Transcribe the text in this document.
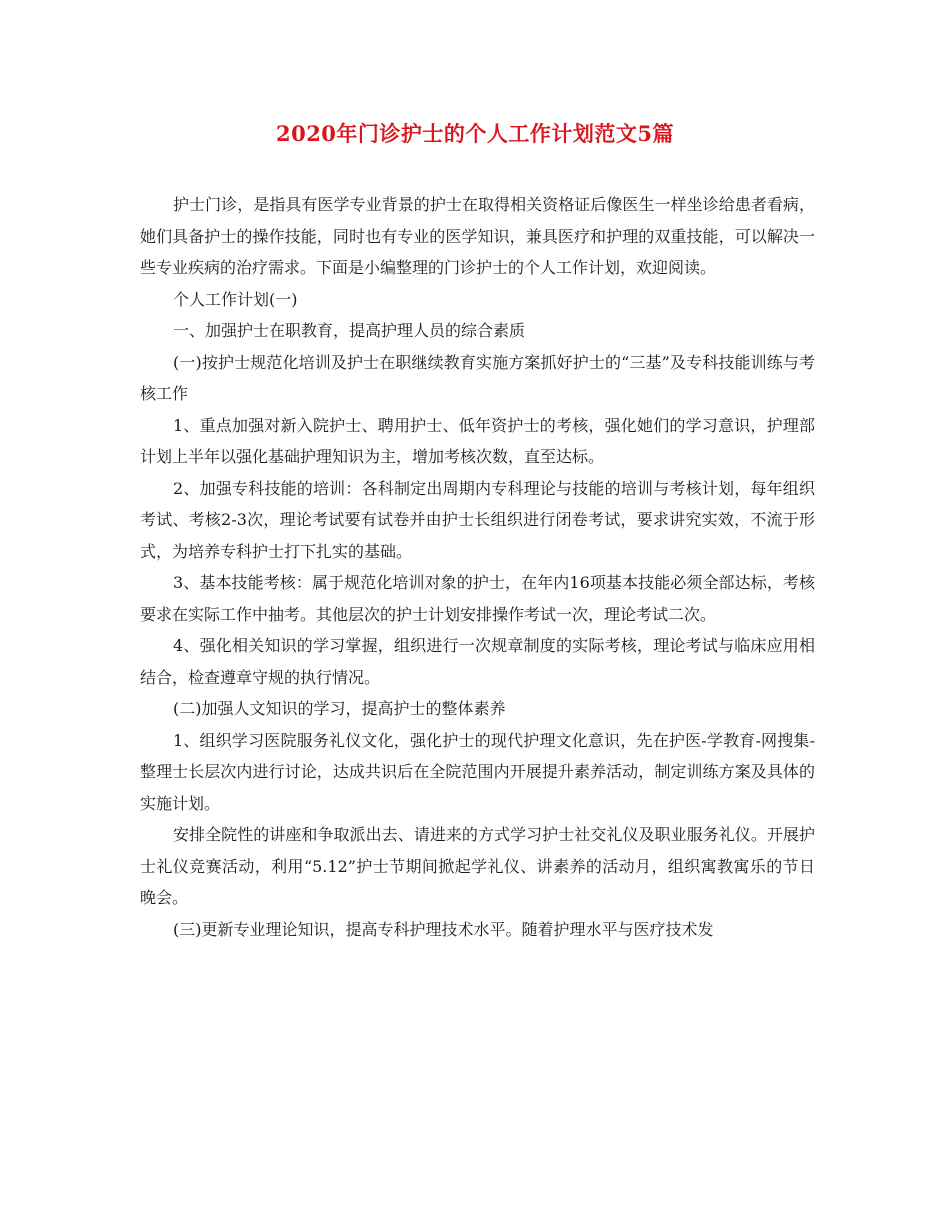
2020年门诊护士的个人工作计划范文5篇

护士门诊，是指具有医学专业背景的护士在取得相关资格证后像医生一样坐诊给患者看病，她们具备护士的操作技能，同时也有专业的医学知识，兼具医疗和护理的双重技能，可以解决一些专业疾病的治疗需求。下面是小编整理的门诊护士的个人工作计划，欢迎阅读。

个人工作计划(一)

一、加强护士在职教育，提高护理人员的综合素质

(一)按护士规范化培训及护士在职继续教育实施方案抓好护士的“三基”及专科技能训练与考核工作

1、重点加强对新入院护士、聘用护士、低年资护士的考核，强化她们的学习意识，护理部计划上半年以强化基础护理知识为主，增加考核次数，直至达标。

2、加强专科技能的培训：各科制定出周期内专科理论与技能的培训与考核计划，每年组织考试、考核2-3次，理论考试要有试卷并由护士长组织进行闭卷考试，要求讲究实效，不流于形式，为培养专科护士打下扎实的基础。

3、基本技能考核：属于规范化培训对象的护士，在年内16项基本技能必须全部达标，考核要求在实际工作中抽考。其他层次的护士计划安排操作考试一次，理论考试二次。

4、强化相关知识的学习掌握，组织进行一次规章制度的实际考核，理论考试与临床应用相结合，检查遵章守规的执行情况。

(二)加强人文知识的学习，提高护士的整体素养

1、组织学习医院服务礼仪文化，强化护士的现代护理文化意识，先在护医-学教育-网搜集-整理士长层次内进行讨论，达成共识后在全院范围内开展提升素养活动，制定训练方案及具体的实施计划。

安排全院性的讲座和争取派出去、请进来的方式学习护士社交礼仪及职业服务礼仪。开展护士礼仪竞赛活动，利用“5.12”护士节期间掀起学礼仪、讲素养的活动月，组织寓教寓乐的节日晚会。

(三)更新专业理论知识，提高专科护理技术水平。随着护理水平与医疗技术发
